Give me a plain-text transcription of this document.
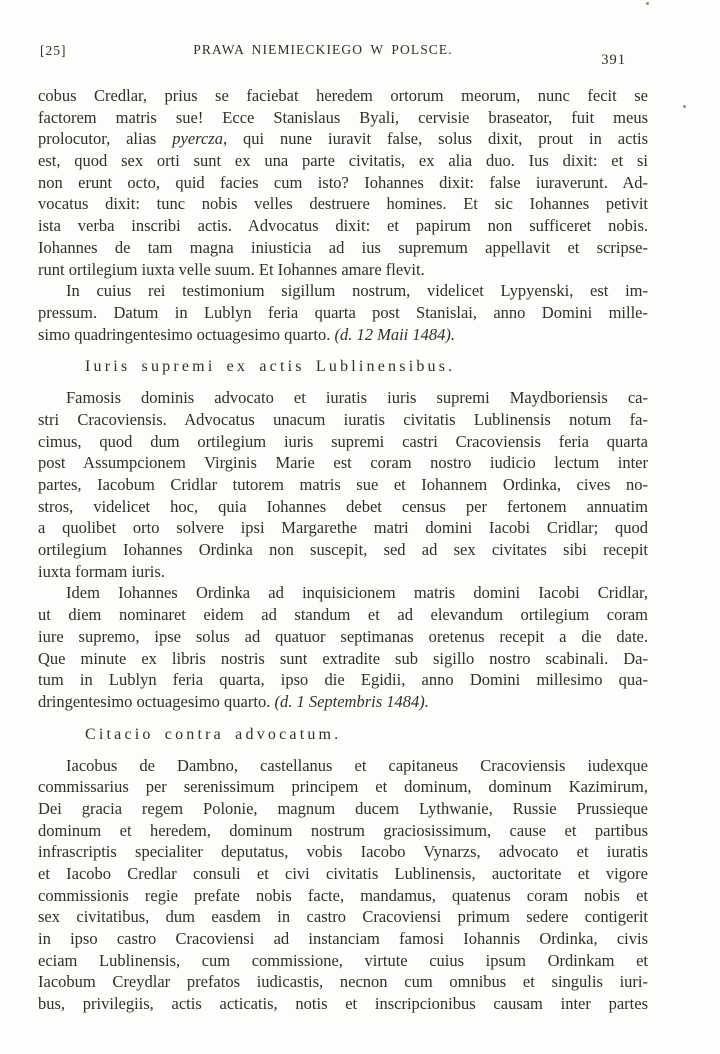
[25]	PRAWA NIEMIECKIEGO W POLSCE.
391
cobus Credlar, prius se faciebat heredem ortorum meorum, nunc fecit se
factorem matris sue! Ecce Stanislaus Byali, cervisie braseator, fuit meus
prolocutor, alias pyercza, qui nune iuravit false, solus dixit, prout in actis
est, quod sex orti sunt ex una parte civitatis, ex alia duo. Ius dixit: et si
non erunt octo, quid facies cum isto? Iohannes dixit: false iuraverunt. Ad-
vocatus dixit: tunc nobis velles destruere homines. Et sic Iohannes petivit
ista verba inscribi actis. Advocatus dixit: et papirum non sufficeret nobis.
Iohannes de tam magna iniusticia ad ius supremum appellavit et scripse-
runt ortilegium iuxta velle suum. Et Iohannes amare flevit.
In cuius rei testimonium sigillum nostrum, videlicet Lypyenski, est im-
pressum. Datum in Lublyn feria quarta post Stanislai, anno Domini mille-
simo quadringentesimo octuagesimo quarto. (d. 12 Maii 1484).
Iuris supremi ex actis Lublinensibus.
Famosis dominis advocato et iuratis iuris supremi Maydboriensis ca-
stri Cracoviensis. Advocatus unacum iuratis civitatis Lublinensis notum fa-
cimus, quod dum ortilegium iuris supremi castri Cracoviensis feria quarta
post Assumpcionem Virginis Marie est coram nostro iudicio lectum inter
partes, Iacobum Cridlar tutorem matris sue et Iohannem Ordinka, cives no-
stros, videlicet hoc, quia Iohannes debet census per fertonem annuatim
a quolibet orto solvere ipsi Margarethe matri domini Iacobi Cridlar; quod
ortilegium Iohannes Ordinka non suscepit, sed ad sex civitates sibi recepit
iuxta formam iuris.
Idem Iohannes Ordinka ad inquisicionem matris domini Iacobi Cridlar,
ut diem nominaret eidem ad standum et ad elevandum ortilegium coram
iure supremo, ipse solus ad quatuor septimanas oretenus recepit a die date.
Que minute ex libris nostris sunt extradite sub sigillo nostro scabinali. Da-
tum in Lublyn feria quarta, ipso die Egidii, anno Domini millesimo qua-
dringentesimo octuagesimo quarto. (d. 1 Septembris 1484).
Citacio contra advocatum.
Iacobus de Dambno, castellanus et capitaneus Cracoviensis iudexque
commissarius per serenissimum principem et dominum, dominum Kazimirum,
Dei gracia regem Polonie, magnum ducem Lythwanie, Russie Prussieque
dominum et heredem, dominum nostrum graciosissimum, cause et partibus
infrascriptis specialiter deputatus, vobis Iacobo Vynarzs, advocato et iuratis
et Iacobo Credlar consuli et civi civitatis Lublinensis, auctoritate et vigore
commissionis regie prefate nobis facte, mandamus, quatenus coram nobis et
sex civitatibus, dum easdem in castro Cracoviensi primum sedere contigerit
in ipso castro Cracoviensi ad instanciam famosi Iohannis Ordinka, civis
eciam Lublinensis, cum commissione, virtute cuius ipsum Ordinkam et
Iacobum Creydlar prefatos iudicastis, necnon cum omnibus et singulis iuri-
bus, privilegiis, actis acticatis, notis et inscripcionibus causam inter partes
